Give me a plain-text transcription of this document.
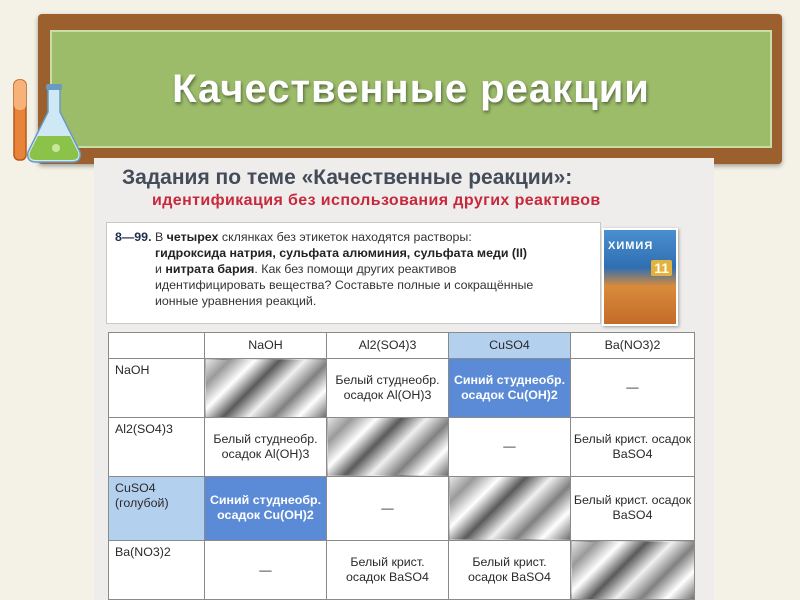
Качественные реакции
Задания по теме «Качественные реакции»:
идентификация без использования других реактивов
8—99. В четырех склянках без этикеток находятся растворы:
гидроксида натрия, сульфата алюминия, сульфата меди (II)
и нитрата бария. Как без помощи других реактивов
идентифицировать вещества? Составьте полные и сокращённые
ионные уравнения реакций.
ХИМИЯ
11
	NaOH	Al2(SO4)3	CuSO4	Ba(NO3)2
NaOH		Белый студнеобр. осадок Al(OH)3	Синий студнеобр. осадок Cu(OH)2	—
Al2(SO4)3	Белый студнеобр. осадок Al(OH)3		—	Белый крист. осадок BaSO4
CuSO4 (голубой)	Синий студнеобр. осадок Cu(OH)2	—		Белый крист. осадок BaSO4
Ba(NO3)2	—	Белый крист. осадок BaSO4	Белый крист. осадок BaSO4	
